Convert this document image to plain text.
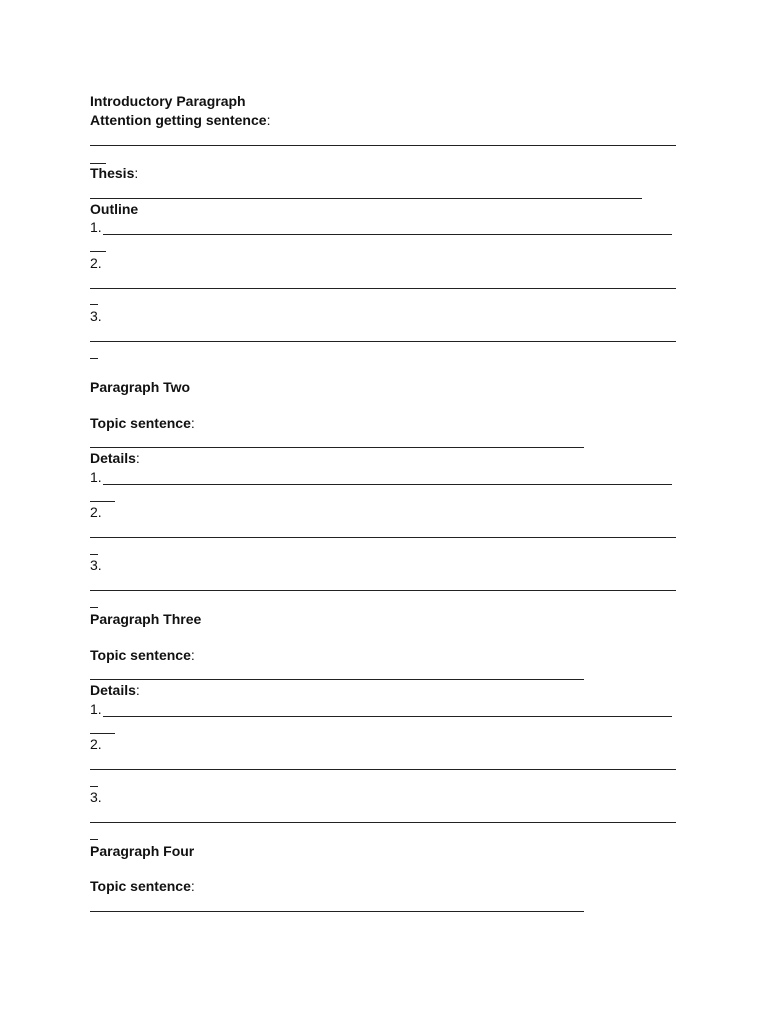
Introductory Paragraph
Attention getting sentence:
Thesis:
Outline
1.
2.
3.
Paragraph Two
Topic sentence:
Details:
1.
2.
3.
Paragraph Three
Topic sentence:
Details:
1.
2.
3.
Paragraph Four
Topic sentence:
